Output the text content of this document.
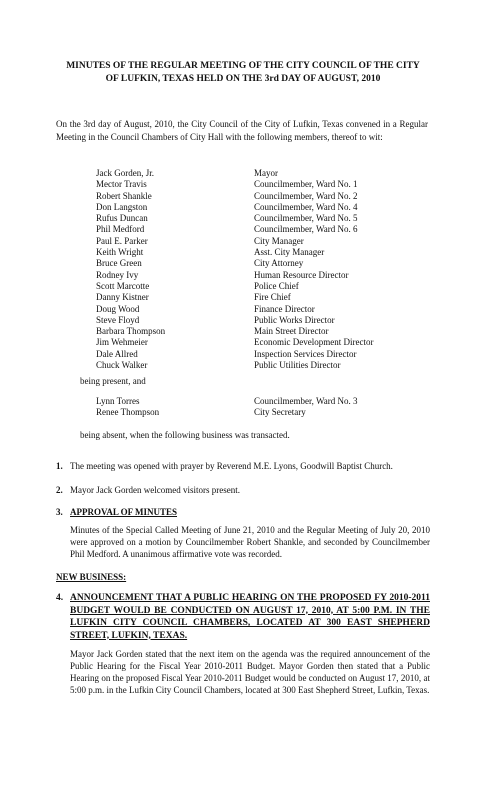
MINUTES OF THE REGULAR MEETING OF THE CITY COUNCIL OF THE CITY
OF LUFKIN, TEXAS HELD ON THE 3rd DAY OF AUGUST, 2010
On the 3rd day of August, 2010, the City Council of the City of Lufkin, Texas convened in a Regular Meeting in the Council Chambers of City Hall with the following members, thereof to wit:
Jack Gorden, Jr.	Mayor
Mector Travis	Councilmember, Ward No. 1
Robert Shankle	Councilmember, Ward No. 2
Don Langston	Councilmember, Ward No. 4
Rufus Duncan	Councilmember, Ward No. 5
Phil Medford	Councilmember, Ward No. 6
Paul E. Parker	City Manager
Keith Wright	Asst. City Manager
Bruce Green	City Attorney
Rodney Ivy	Human Resource Director
Scott Marcotte	Police Chief
Danny Kistner	Fire Chief
Doug Wood	Finance Director
Steve Floyd	Public Works Director
Barbara Thompson	Main Street Director
Jim Wehmeier	Economic Development Director
Dale Allred	Inspection Services Director
Chuck Walker	Public Utilities Director
being present, and
Lynn Torres	Councilmember, Ward No. 3
Renee Thompson	City Secretary
being absent, when the following business was transacted.
1. The meeting was opened with prayer by Reverend M.E. Lyons, Goodwill Baptist Church.
2. Mayor Jack Gorden welcomed visitors present.
3. APPROVAL OF MINUTES
Minutes of the Special Called Meeting of June 21, 2010 and the Regular Meeting of July 20, 2010 were approved on a motion by Councilmember Robert Shankle, and seconded by Councilmember Phil Medford. A unanimous affirmative vote was recorded.
NEW BUSINESS:
4. ANNOUNCEMENT THAT A PUBLIC HEARING ON THE PROPOSED FY 2010-2011 BUDGET WOULD BE CONDUCTED ON AUGUST 17, 2010, AT 5:00 P.M. IN THE LUFKIN CITY COUNCIL CHAMBERS, LOCATED AT 300 EAST SHEPHERD STREET, LUFKIN, TEXAS.
Mayor Jack Gorden stated that the next item on the agenda was the required announcement of the Public Hearing for the Fiscal Year 2010-2011 Budget. Mayor Gorden then stated that a Public Hearing on the proposed Fiscal Year 2010-2011 Budget would be conducted on August 17, 2010, at 5:00 p.m. in the Lufkin City Council Chambers, located at 300 East Shepherd Street, Lufkin, Texas.
